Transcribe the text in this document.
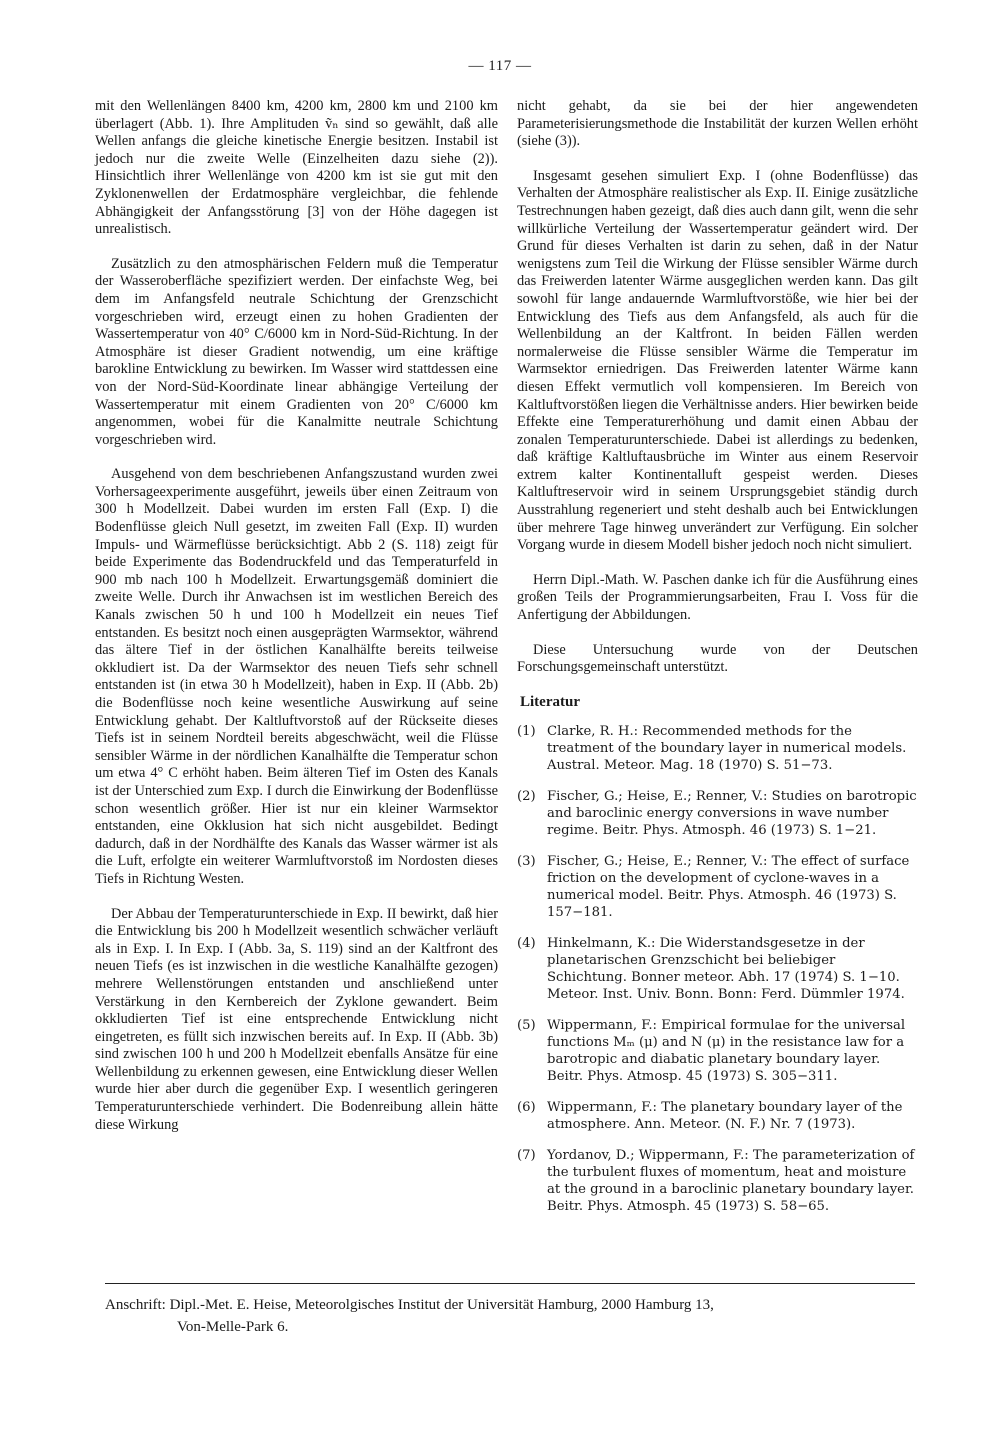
— 117 —

mit den Wellenlängen 8400 km, 4200 km, 2800 km und 2100 km überlagert (Abb. 1). Ihre Amplituden ṽₙ sind so gewählt, daß alle Wellen anfangs die gleiche kinetische Energie besitzen. Instabil ist jedoch nur die zweite Welle (Einzelheiten dazu siehe (2)). Hinsichtlich ihrer Wellenlänge von 4200 km ist sie gut mit den Zyklonenwellen der Erdatmosphäre vergleichbar, die fehlende Abhängigkeit der Anfangsstörung [3] von der Höhe dagegen ist unrealistisch.

Zusätzlich zu den atmosphärischen Feldern muß die Temperatur der Wasseroberfläche spezifiziert werden. Der einfachste Weg, bei dem im Anfangsfeld neutrale Schichtung der Grenzschicht vorgeschrieben wird, erzeugt einen zu hohen Gradienten der Wassertemperatur von 40° C/6000 km in Nord-Süd-Richtung. In der Atmosphäre ist dieser Gradient notwendig, um eine kräftige barokline Entwicklung zu bewirken. Im Wasser wird stattdessen eine von der Nord-Süd-Koordinate linear abhängige Verteilung der Wassertemperatur mit einem Gradienten von 20° C/6000 km angenommen, wobei für die Kanalmitte neutrale Schichtung vorgeschrieben wird.

Ausgehend von dem beschriebenen Anfangszustand wurden zwei Vorhersageexperimente ausgeführt, jeweils über einen Zeitraum von 300 h Modellzeit. Dabei wurden im ersten Fall (Exp. I) die Bodenflüsse gleich Null gesetzt, im zweiten Fall (Exp. II) wurden Impuls- und Wärmeflüsse berücksichtigt. Abb 2 (S. 118) zeigt für beide Experimente das Bodendruckfeld und das Temperaturfeld in 900 mb nach 100 h Modellzeit. Erwartungsgemäß dominiert die zweite Welle. Durch ihr Anwachsen ist im westlichen Bereich des Kanals zwischen 50 h und 100 h Modellzeit ein neues Tief entstanden. Es besitzt noch einen ausgeprägten Warmsektor, während das ältere Tief in der östlichen Kanalhälfte bereits teilweise okkludiert ist. Da der Warmsektor des neuen Tiefs sehr schnell entstanden ist (in etwa 30 h Modellzeit), haben in Exp. II (Abb. 2b) die Bodenflüsse noch keine wesentliche Auswirkung auf seine Entwicklung gehabt. Der Kaltluftvorstoß auf der Rückseite dieses Tiefs ist in seinem Nordteil bereits abgeschwächt, weil die Flüsse sensibler Wärme in der nördlichen Kanalhälfte die Temperatur schon um etwa 4° C erhöht haben. Beim älteren Tief im Osten des Kanals ist der Unterschied zum Exp. I durch die Einwirkung der Bodenflüsse schon wesentlich größer. Hier ist nur ein kleiner Warmsektor entstanden, eine Okklusion hat sich nicht ausgebildet. Bedingt dadurch, daß in der Nordhälfte des Kanals das Wasser wärmer ist als die Luft, erfolgte ein weiterer Warmluftvorstoß im Nordosten dieses Tiefs in Richtung Westen.

Der Abbau der Temperaturunterschiede in Exp. II bewirkt, daß hier die Entwicklung bis 200 h Modellzeit wesentlich schwächer verläuft als in Exp. I. In Exp. I (Abb. 3a, S. 119) sind an der Kaltfront des neuen Tiefs (es ist inzwischen in die westliche Kanalhälfte gezogen) mehrere Wellenstörungen entstanden und anschließend unter Verstärkung in den Kernbereich der Zyklone gewandert. Beim okkludierten Tief ist eine entsprechende Entwicklung nicht eingetreten, es füllt sich inzwischen bereits auf. In Exp. II (Abb. 3b) sind zwischen 100 h und 200 h Modellzeit ebenfalls Ansätze für eine Wellenbildung zu erkennen gewesen, eine Entwicklung dieser Wellen wurde hier aber durch die gegenüber Exp. I wesentlich geringeren Temperaturunterschiede verhindert. Die Bodenreibung allein hätte diese Wirkung

nicht gehabt, da sie bei der hier angewendeten Parameterisierungsmethode die Instabilität der kurzen Wellen erhöht (siehe (3)).

Insgesamt gesehen simuliert Exp. I (ohne Bodenflüsse) das Verhalten der Atmosphäre realistischer als Exp. II. Einige zusätzliche Testrechnungen haben gezeigt, daß dies auch dann gilt, wenn die sehr willkürliche Verteilung der Wassertemperatur geändert wird. Der Grund für dieses Verhalten ist darin zu sehen, daß in der Natur wenigstens zum Teil die Wirkung der Flüsse sensibler Wärme durch das Freiwerden latenter Wärme ausgeglichen werden kann. Das gilt sowohl für lange andauernde Warmluftvorstöße, wie hier bei der Entwicklung des Tiefs aus dem Anfangsfeld, als auch für die Wellenbildung an der Kaltfront. In beiden Fällen werden normalerweise die Flüsse sensibler Wärme die Temperatur im Warmsektor erniedrigen. Das Freiwerden latenter Wärme kann diesen Effekt vermutlich voll kompensieren. Im Bereich von Kaltluftvorstößen liegen die Verhältnisse anders. Hier bewirken beide Effekte eine Temperaturerhöhung und damit einen Abbau der zonalen Temperaturunterschiede. Dabei ist allerdings zu bedenken, daß kräftige Kaltluftausbrüche im Winter aus einem Reservoir extrem kalter Kontinentalluft gespeist werden. Dieses Kaltluftreservoir wird in seinem Ursprungsgebiet ständig durch Ausstrahlung regeneriert und steht deshalb auch bei Entwicklungen über mehrere Tage hinweg unverändert zur Verfügung. Ein solcher Vorgang wurde in diesem Modell bisher jedoch noch nicht simuliert.

Herrn Dipl.-Math. W. Paschen danke ich für die Ausführung eines großen Teils der Programmierungsarbeiten, Frau I. Voss für die Anfertigung der Abbildungen.

Diese Untersuchung wurde von der Deutschen Forschungsgemeinschaft unterstützt.

Literatur
(1) Clarke, R. H.: Recommended methods for the treatment of the boundary layer in numerical models. Austral. Meteor. Mag. 18 (1970) S. 51−73.
(2) Fischer, G.; Heise, E.; Renner, V.: Studies on barotropic and baroclinic energy conversions in wave number regime. Beitr. Phys. Atmosph. 46 (1973) S. 1−21.
(3) Fischer, G.; Heise, E.; Renner, V.: The effect of surface friction on the development of cyclone-waves in a numerical model. Beitr. Phys. Atmosph. 46 (1973) S. 157−181.
(4) Hinkelmann, K.: Die Widerstandsgesetze in der planetarischen Grenzschicht bei beliebiger Schichtung. Bonner meteor. Abh. 17 (1974) S. 1−10. Meteor. Inst. Univ. Bonn. Bonn: Ferd. Dümmler 1974.
(5) Wippermann, F.: Empirical formulae for the universal functions Mₘ (μ) and N (μ) in the resistance law for a barotropic and diabatic planetary boundary layer. Beitr. Phys. Atmosp. 45 (1973) S. 305−311.
(6) Wippermann, F.: The planetary boundary layer of the atmosphere. Ann. Meteor. (N. F.) Nr. 7 (1973).
(7) Yordanov, D.; Wippermann, F.: The parameterization of the turbulent fluxes of momentum, heat and moisture at the ground in a baroclinic planetary boundary layer. Beitr. Phys. Atmosph. 45 (1973) S. 58−65.
Anschrift: Dipl.-Met. E. Heise, Meteorolgisches Institut der Universität Hamburg, 2000 Hamburg 13,
Von-Melle-Park 6.
